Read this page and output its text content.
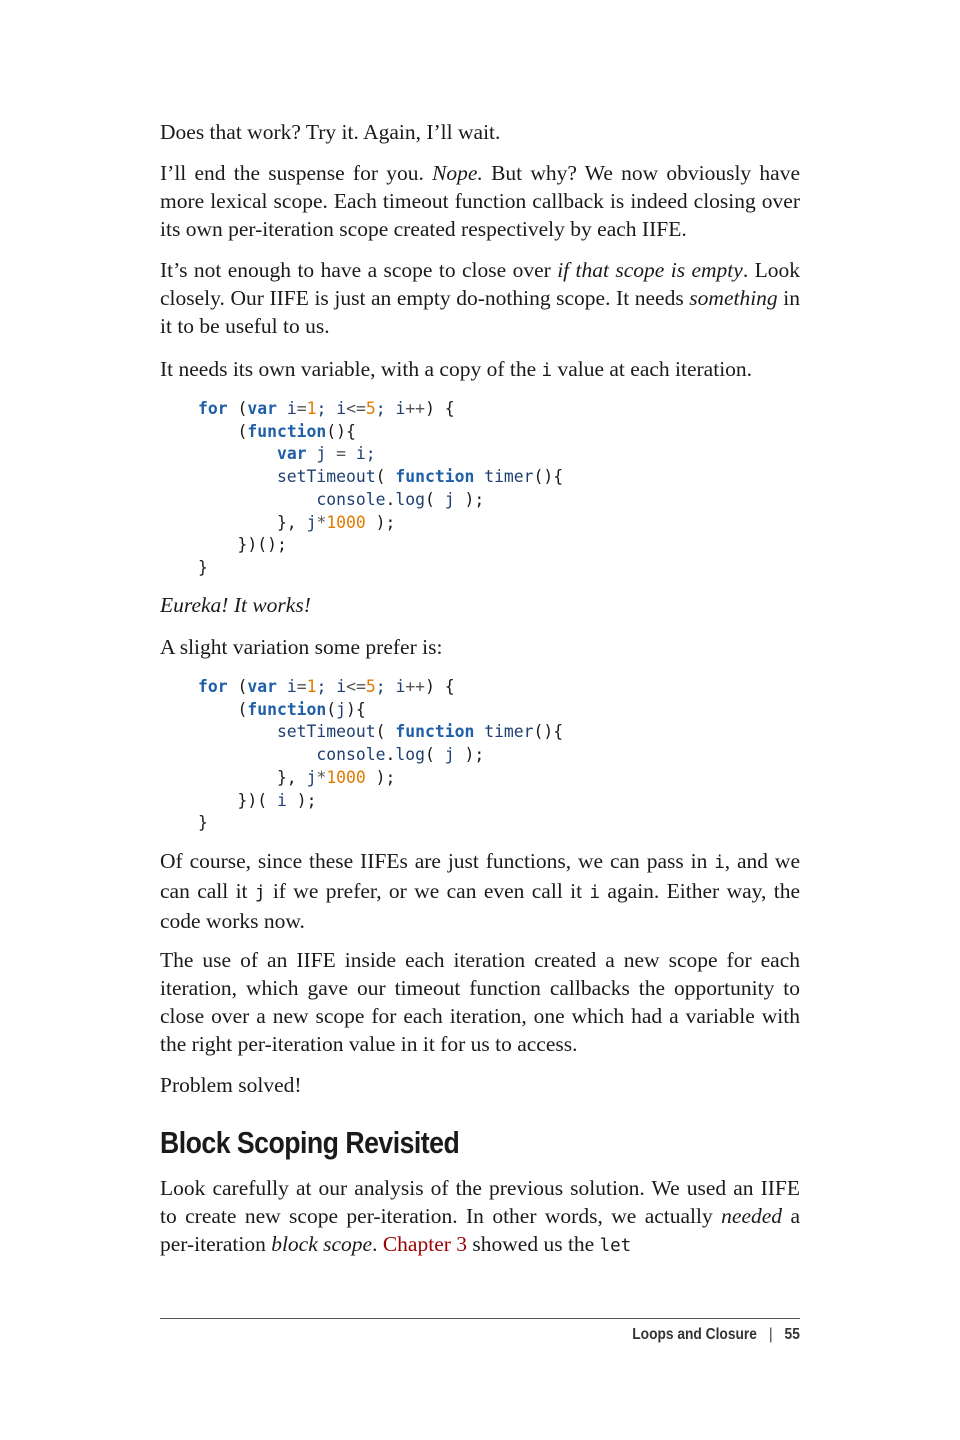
Does that work? Try it. Again, I’ll wait.

I’ll end the suspense for you. Nope. But why? We now obviously have more lexical scope. Each timeout function callback is indeed closing over its own per-iteration scope created respectively by each IIFE.

It’s not enough to have a scope to close over if that scope is empty. Look closely. Our IIFE is just an empty do-nothing scope. It needs something in it to be useful to us.

It needs its own variable, with a copy of the i value at each iteration.

for (var i=1; i<=5; i++) {
(function(){
var j = i;
setTimeout( function timer(){
console.log( j );
}, j*1000 );
})();
}

Eureka! It works!

A slight variation some prefer is:

for (var i=1; i<=5; i++) {
(function(j){
setTimeout( function timer(){
console.log( j );
}, j*1000 );
})( i );
}

Of course, since these IIFEs are just functions, we can pass in i, and we can call it j if we prefer, or we can even call it i again. Either way, the code works now.

The use of an IIFE inside each iteration created a new scope for each iteration, which gave our timeout function callbacks the opportunity to close over a new scope for each iteration, one which had a variable with the right per-iteration value in it for us to access.

Problem solved!

Block Scoping Revisited

Look carefully at our analysis of the previous solution. We used an IIFE to create new scope per-iteration. In other words, we actually needed a per-iteration block scope. Chapter 3 showed us the let

Loops and Closure | 55
